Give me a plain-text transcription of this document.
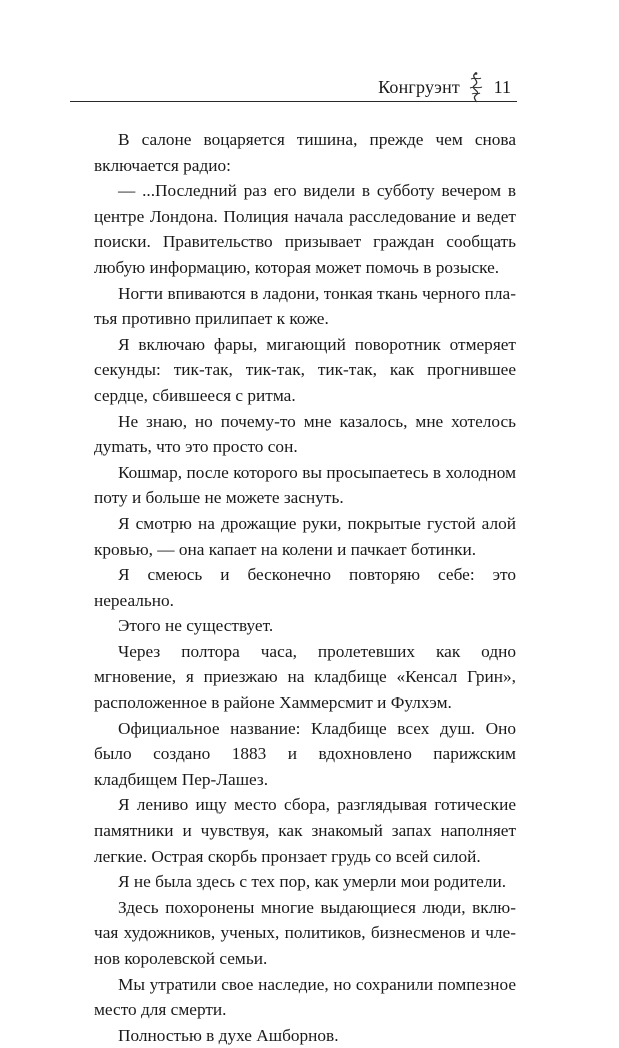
Конгруэнт 11

В салоне воцаряется тишина, прежде чем снова включается радио:

— ...Последний раз его видели в субботу вечером в центре Лондона. Полиция начала расследование и ведет поиски. Правительство призывает граждан сообщать любую информацию, которая может помочь в розыске.

Ногти впиваются в ладони, тонкая ткань черного платья противно прилипает к коже.

Я включаю фары, мигающий поворотник отмеряет секунды: тик-так, тик-так, тик-так, как прогнившее сердце, сбившееся с ритма.

Не знаю, но почему-то мне казалось, мне хотелось дуmать, что это просто сон.

Кошмар, после которого вы просыпаетесь в холодном поту и больше не можете заснуть.

Я смотрю на дрожащие руки, покрытые густой алой кровью, — она капает на колени и пачкает ботинки.

Я смеюсь и бесконечно повторяю себе: это нереально.

Этого не существует.

Через полтора часа, пролетевших как одно мгновение, я приезжаю на кладбище «Кенсал Грин», расположенное в районе Хаммерсмит и Фулхэм.

Официальное название: Кладбище всех душ. Оно было создано 1883 и вдохновлено парижским кладбищем Пер-Лашез.

Я лениво ищу место сбора, разглядывая готические памятники и чувствуя, как знакомый запах наполняет легкие. Острая скорбь пронзает грудь со всей силой.

Я не была здесь с тех пор, как умерли мои родители.

Здесь похоронены многие выдающиеся люди, включая художников, ученых, политиков, бизнесменов и членов королевской семьи.

Мы утратили свое наследие, но сохранили помпезное место для смерти.

Полностью в духе Ашборнов.
